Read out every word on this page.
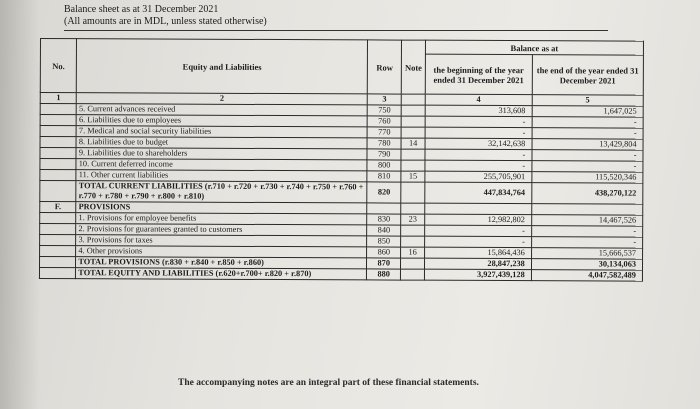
Balance sheet as at 31 December 2021
(All amounts are in MDL, unless stated otherwise)
No.	Equity and Liabilities	Row	Note	Balance as at	
				the beginning of the year ended 31 December 2021	the end of the year ended 31 December 2021
1	2	3		4	5
	5. Current advances received	750		313,608	1,647,025
	6. Liabilities due to employees	760		-	-
	7. Medical and social security liabilities	770		-	-
	8. Liabilities due to budget	780	14	32,142,638	13,429,804
	9. Liabilities due to shareholders	790		-	-
	10. Current deferred income	800		-	-
	11. Other current liabilities	810	15	255,705,901	115,520,346
	TOTAL CURRENT LIABILITIES (r.710 + r.720 + r.730 + r.740 + r.750 + r.760 + r.770 + r.780 + r.790 + r.800 + r.810)	820		447,834,764	438,270,122
F.	PROVISIONS				
	1. Provisions for employee benefits	830	23	12,982,802	14,467,526
	2. Provisions for guarantees granted to customers	840		-	-
	3. Provisions for taxes	850		-	-
	4. Other provisions	860	16	15,864,436	15,666,537
	TOTAL PROVISIONS (r.830 + r.840 + r.850 + r.860)	870		28,847,238	30,134,063
	TOTAL EQUITY AND LIABILITIES (r.620+r.700+ r.820 + r.870)	880		3,927,439,128	4,047,582,489
The accompanying notes are an integral part of these financial statements.
